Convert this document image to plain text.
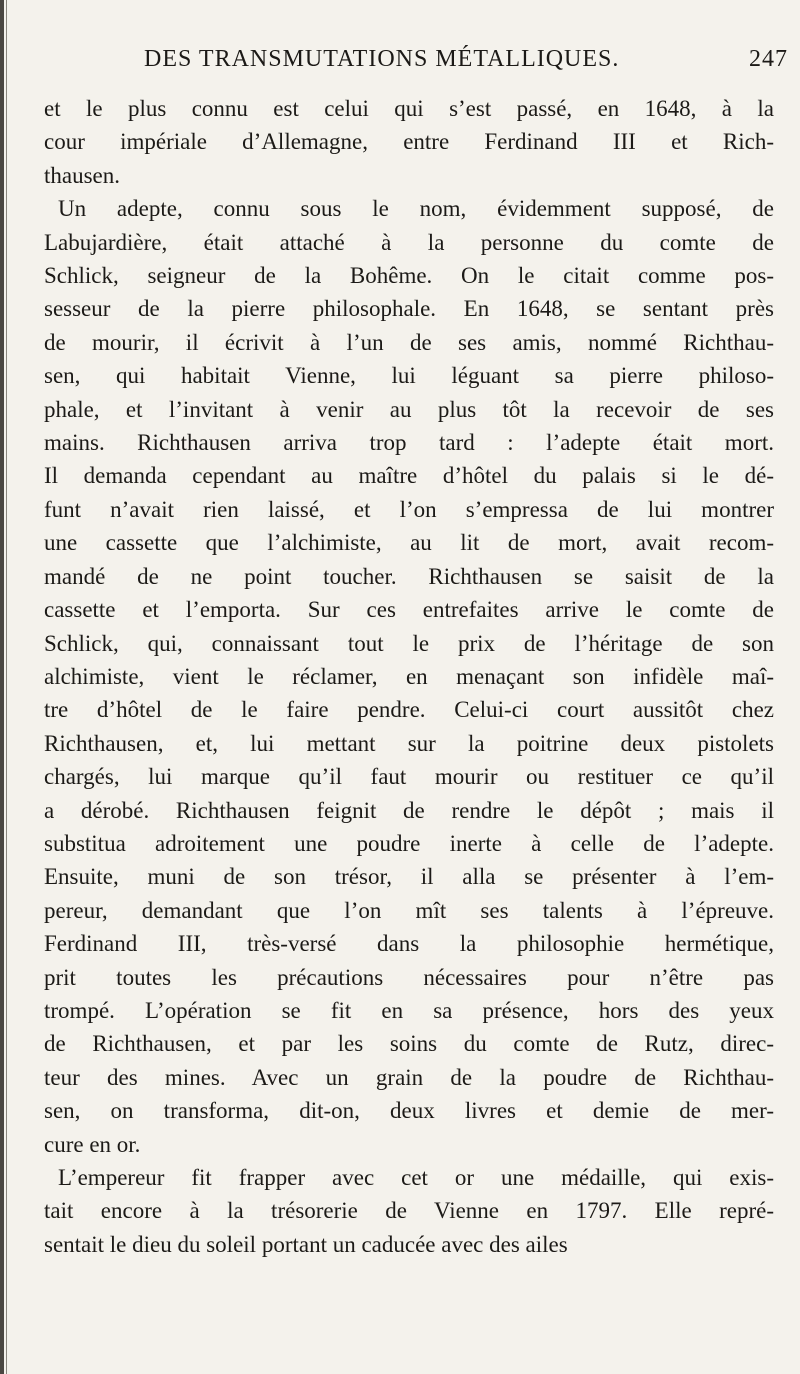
DES TRANSMUTATIONS MÉTALLIQUES.	247
et le plus connu est celui qui s’est passé, en 1648, à la
cour impériale d’Allemagne, entre Ferdinand III et Rich-
thausen.
Un adepte, connu sous le nom, évidemment supposé, de
Labujardière, était attaché à la personne du comte de
Schlick, seigneur de la Bohême. On le citait comme pos-
sesseur de la pierre philosophale. En 1648, se sentant près
de mourir, il écrivit à l’un de ses amis, nommé Richthau-
sen, qui habitait Vienne, lui léguant sa pierre philoso-
phale, et l’invitant à venir au plus tôt la recevoir de ses
mains. Richthausen arriva trop tard : l’adepte était mort.
Il demanda cependant au maître d’hôtel du palais si le dé-
funt n’avait rien laissé, et l’on s’empressa de lui montrer
une cassette que l’alchimiste, au lit de mort, avait recom-
mandé de ne point toucher. Richthausen se saisit de la
cassette et l’emporta. Sur ces entrefaites arrive le comte de
Schlick, qui, connaissant tout le prix de l’héritage de son
alchimiste, vient le réclamer, en menaçant son infidèle maî-
tre d’hôtel de le faire pendre. Celui-ci court aussitôt chez
Richthausen, et, lui mettant sur la poitrine deux pistolets
chargés, lui marque qu’il faut mourir ou restituer ce qu’il
a dérobé. Richthausen feignit de rendre le dépôt ; mais il
substitua adroitement une poudre inerte à celle de l’adepte.
Ensuite, muni de son trésor, il alla se présenter à l’em-
pereur, demandant que l’on mît ses talents à l’épreuve.
Ferdinand III, très-versé dans la philosophie hermétique,
prit toutes les précautions nécessaires pour n’être pas
trompé. L’opération se fit en sa présence, hors des yeux
de Richthausen, et par les soins du comte de Rutz, direc-
teur des mines. Avec un grain de la poudre de Richthau-
sen, on transforma, dit-on, deux livres et demie de mer-
cure en or.
L’empereur fit frapper avec cet or une médaille, qui exis-
tait encore à la trésorerie de Vienne en 1797. Elle repré-
sentait le dieu du soleil portant un caducée avec des ailes
